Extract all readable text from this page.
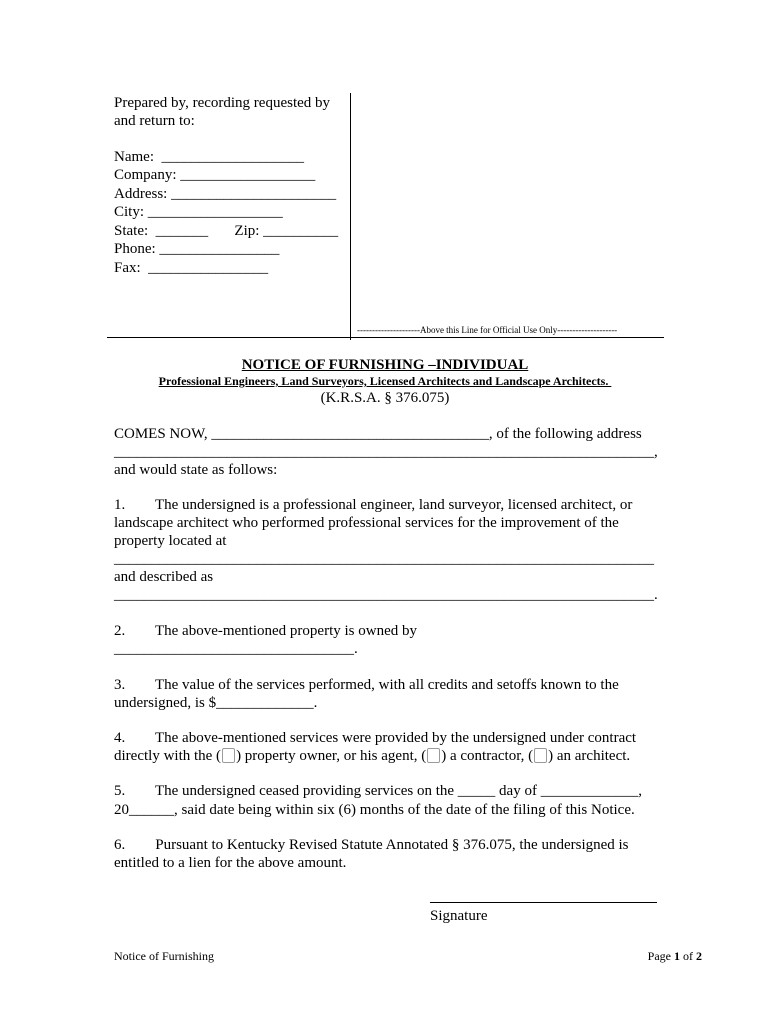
Prepared by, recording requested by
and return to:
Name:  ___________________
Company: __________________
Address: ______________________
City: __________________
State:  _______       Zip: __________
Phone: ________________
Fax:  ________________
---------------------Above this Line for Official Use Only--------------------
NOTICE OF FURNISHING –INDIVIDUAL
Professional Engineers, Land Surveyors, Licensed Architects and Landscape Architects.
(K.R.S.A. § 376.075)
COMES NOW, _____________________________________, of the following address
________________________________________________________________________,
and would state as follows:
1.        The undersigned is a professional engineer, land surveyor, licensed architect, or
landscape architect who performed professional services for the improvement of the
property located at
________________________________________________________________________
and described as
________________________________________________________________________.
2.        The above-mentioned property is owned by
________________________________.
3.        The value of the services performed, with all credits and setoffs known to the
undersigned, is $_____________.
4.        The above-mentioned services were provided by the undersigned under contract
directly with the ( ) property owner, or his agent, ( ) a contractor, ( ) an architect.
5.        The undersigned ceased providing services on the _____ day of _____________,
20______, said date being within six (6) months of the date of the filing of this Notice.
6.        Pursuant to Kentucky Revised Statute Annotated § 376.075, the undersigned is
entitled to a lien for the above amount.
Signature
Notice of Furnishing	Page 1 of 2
